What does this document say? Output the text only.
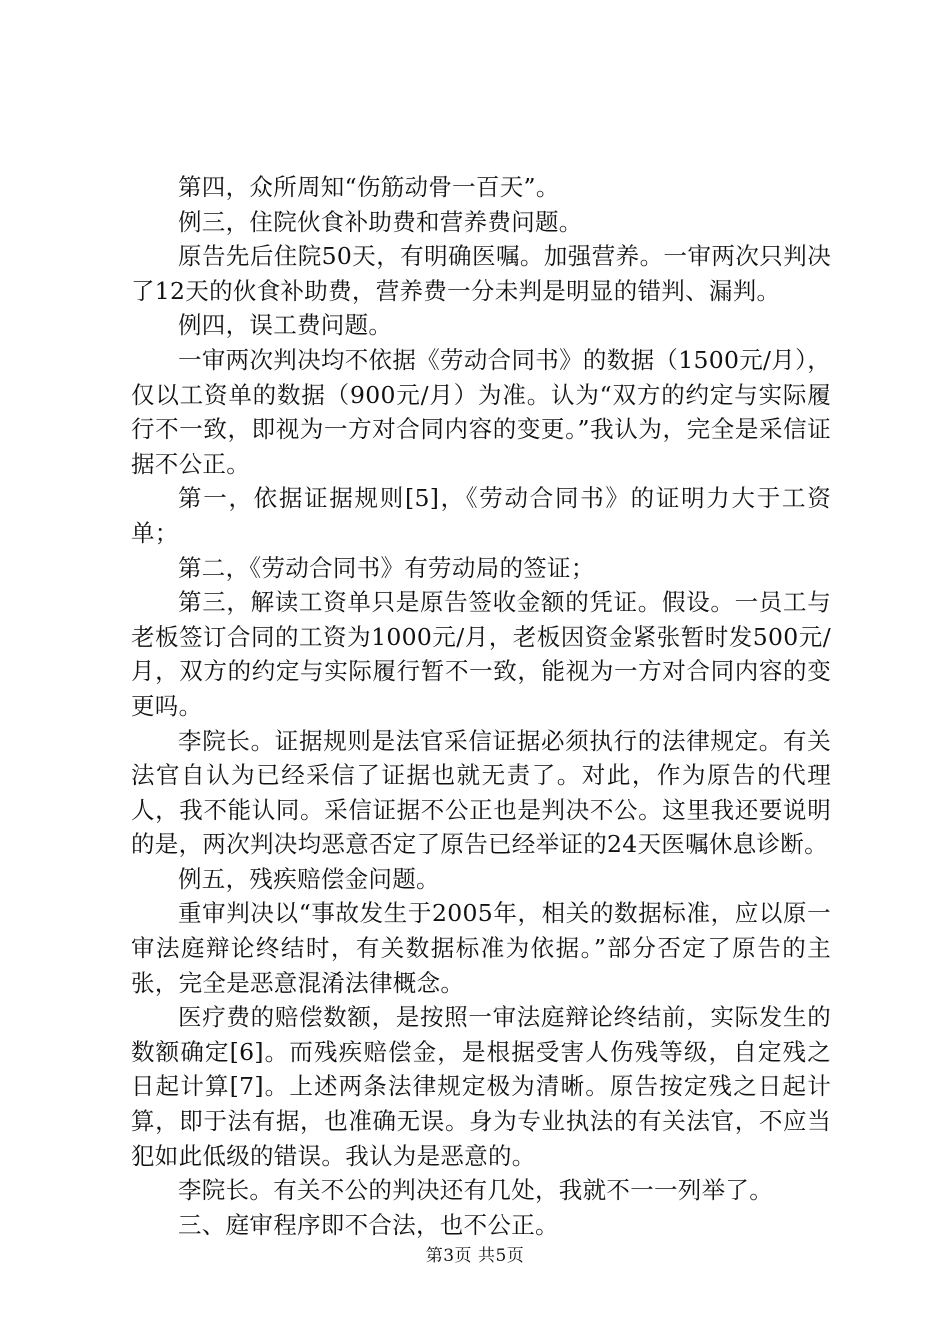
第四，众所周知“伤筋动骨一百天”。

例三，住院伙食补助费和营养费问题。

原告先后住院50天，有明确医嘱。加强营养。一审两次只判决了12天的伙食补助费，营养费一分未判是明显的错判、漏判。

例四，误工费问题。

一审两次判决均不依据《劳动合同书》的数据（1500元/月），仅以工资单的数据（900元/月）为准。认为“双方的约定与实际履行不一致，即视为一方对合同内容的变更。”我认为，完全是采信证据不公正。

第一，依据证据规则[5]，《劳动合同书》的证明力大于工资单；

第二，《劳动合同书》有劳动局的签证；

第三，解读工资单只是原告签收金额的凭证。假设。一员工与老板签订合同的工资为1000元/月，老板因资金紧张暂时发500元/月，双方的约定与实际履行暂不一致，能视为一方对合同内容的变更吗。

李院长。证据规则是法官采信证据必须执行的法律规定。有关法官自认为已经采信了证据也就无责了。对此，作为原告的代理人，我不能认同。采信证据不公正也是判决不公。这里我还要说明的是，两次判决均恶意否定了原告已经举证的24天医嘱休息诊断。

例五，残疾赔偿金问题。

重审判决以“事故发生于2005年，相关的数据标准，应以原一审法庭辩论终结时，有关数据标准为依据。”部分否定了原告的主张，完全是恶意混淆法律概念。

医疗费的赔偿数额，是按照一审法庭辩论终结前，实际发生的数额确定[6]。而残疾赔偿金，是根据受害人伤残等级，自定残之日起计算[7]。上述两条法律规定极为清晰。原告按定残之日起计算，即于法有据，也准确无误。身为专业执法的有关法官，不应当犯如此低级的错误。我认为是恶意的。

李院长。有关不公的判决还有几处，我就不一一列举了。

三、庭审程序即不合法，也不公正。

第3页 共5页
